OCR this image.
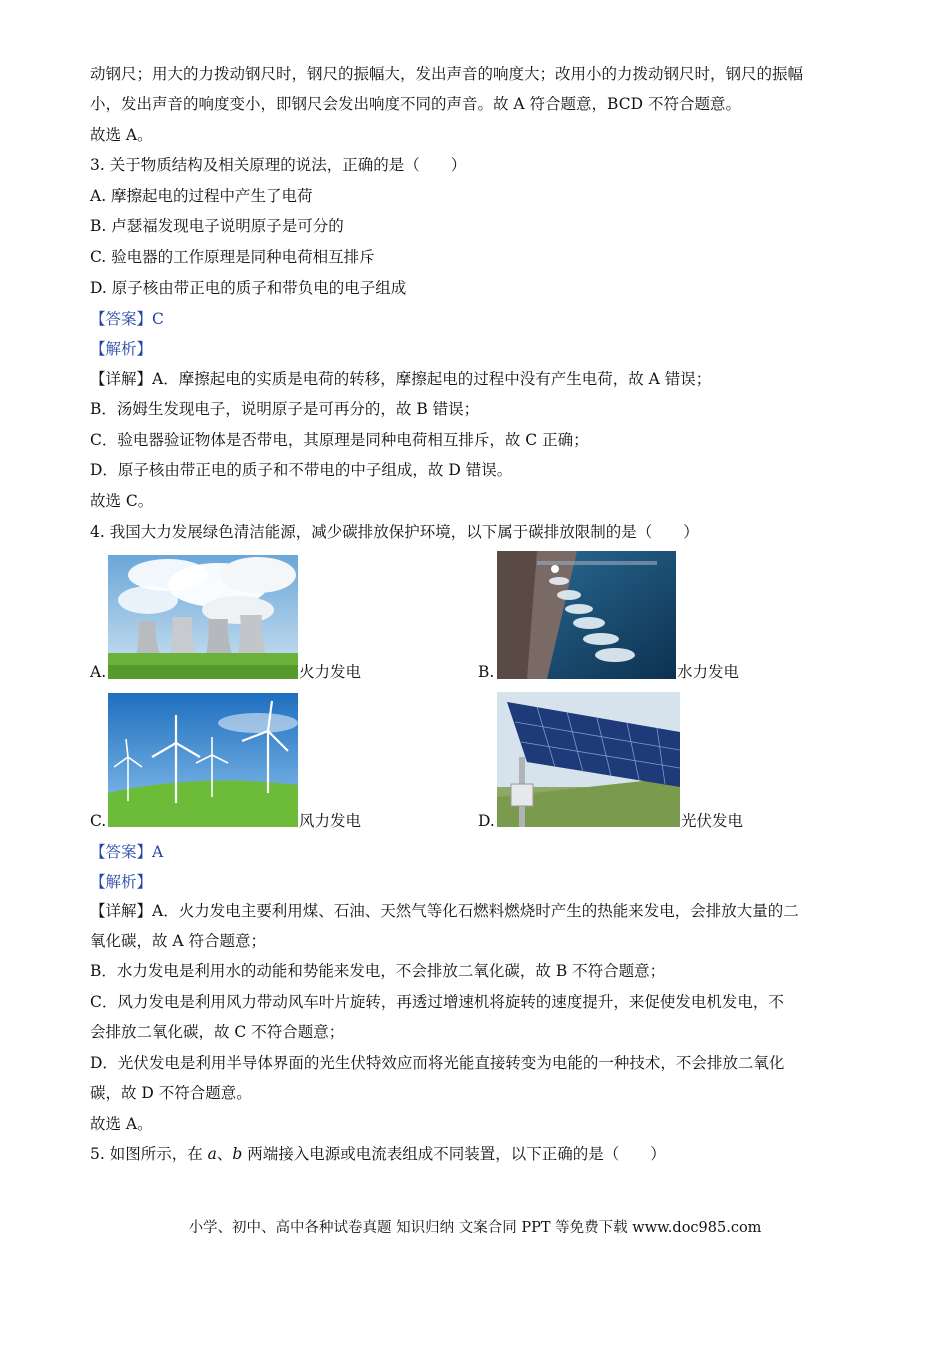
动钢尺；用大的力拨动钢尺时，钢尺的振幅大，发出声音的响度大；改用小的力拨动钢尺时，钢尺的振幅
小，发出声音的响度变小，即钢尺会发出响度不同的声音。故 A 符合题意，BCD 不符合题意。
故选 A。
3. 关于物质结构及相关原理的说法，正确的是（　　）
A. 摩擦起电的过程中产生了电荷
B. 卢瑟福发现电子说明原子是可分的
C. 验电器的工作原理是同种电荷相互排斥
D. 原子核由带正电的质子和带负电的电子组成
【答案】C
【解析】
【详解】A．摩擦起电的实质是电荷的转移，摩擦起电的过程中没有产生电荷，故 A 错误；
B．汤姆生发现电子，说明原子是可再分的，故 B 错误；
C．验电器验证物体是否带电，其原理是同种电荷相互排斥，故 C 正确；
D．原子核由带正电的质子和不带电的中子组成，故 D 错误。
故选 C。
4. 我国大力发展绿色清洁能源，减少碳排放保护环境，以下属于碳排放限制的是（　　）
A.	火力发电	B.	水力发电
C.	风力发电	D.	光伏发电
【答案】A
【解析】
【详解】A．火力发电主要利用煤、石油、天然气等化石燃料燃烧时产生的热能来发电，会排放大量的二
氧化碳，故 A 符合题意；
B．水力发电是利用水的动能和势能来发电，不会排放二氧化碳，故 B 不符合题意；
C．风力发电是利用风力带动风车叶片旋转，再透过增速机将旋转的速度提升，来促使发电机发电，不
会排放二氧化碳，故 C 不符合题意；
D．光伏发电是利用半导体界面的光生伏特效应而将光能直接转变为电能的一种技术，不会排放二氧化
碳，故 D 不符合题意。
故选 A。
5. 如图所示，在 a、b 两端接入电源或电流表组成不同装置，以下正确的是（　　）
小学、初中、高中各种试卷真题 知识归纳 文案合同 PPT 等免费下载 www.doc985.com
